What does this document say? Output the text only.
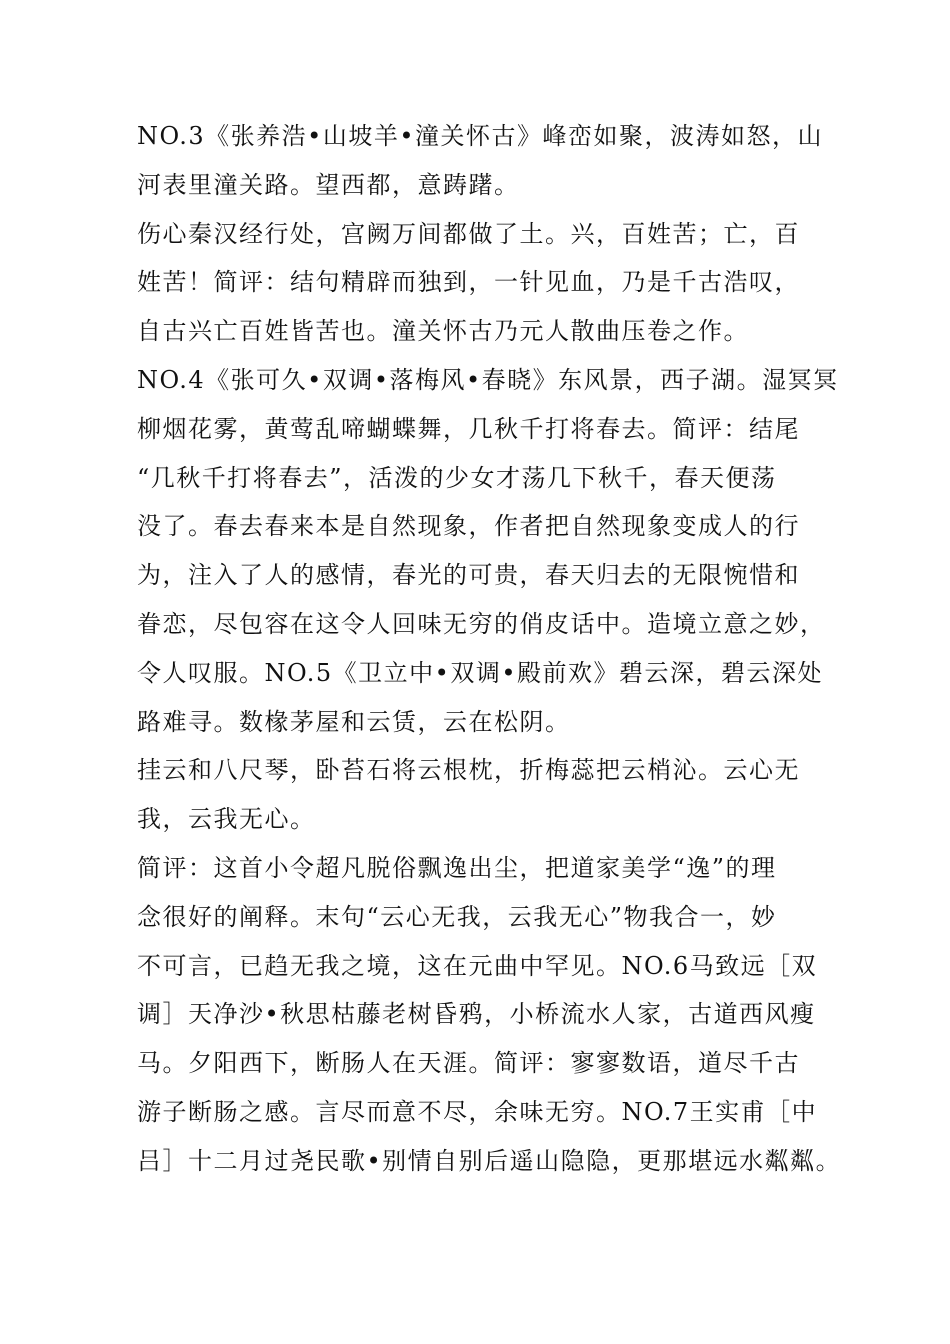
NO.3《张养浩•山坡羊•潼关怀古》峰峦如聚，波涛如怒，山

河表里潼关路。望西都，意踌躇。

伤心秦汉经行处，宫阙万间都做了土。兴，百姓苦；亡，百

姓苦！简评：结句精辟而独到，一针见血，乃是千古浩叹，

自古兴亡百姓皆苦也。潼关怀古乃元人散曲压卷之作。

NO.4《张可久•双调•落梅风•春晓》东风景，西子湖。湿冥冥

柳烟花雾，黄莺乱啼蝴蝶舞，几秋千打将春去。简评：结尾

“几秋千打将春去”，活泼的少女才荡几下秋千，春天便荡

没了。春去春来本是自然现象，作者把自然现象变成人的行

为，注入了人的感情，春光的可贵，春天归去的无限惋惜和

眷恋，尽包容在这令人回味无穷的俏皮话中。造境立意之妙，

令人叹服。NO.5《卫立中•双调•殿前欢》碧云深，碧云深处

路难寻。数椽茅屋和云赁，云在松阴。

挂云和八尺琴，卧苔石将云根枕，折梅蕊把云梢沁。云心无

我，云我无心。

简评：这首小令超凡脱俗飘逸出尘，把道家美学“逸”的理

念很好的阐释。末句“云心无我，云我无心”物我合一，妙

不可言，已趋无我之境，这在元曲中罕见。NO.6马致远［双

调］天净沙•秋思枯藤老树昏鸦，小桥流水人家，古道西风瘦

马。夕阳西下，断肠人在天涯。简评：寥寥数语，道尽千古

游子断肠之感。言尽而意不尽，余味无穷。NO.7王实甫［中

吕］十二月过尧民歌•别情自别后遥山隐隐，更那堪远水粼粼。
